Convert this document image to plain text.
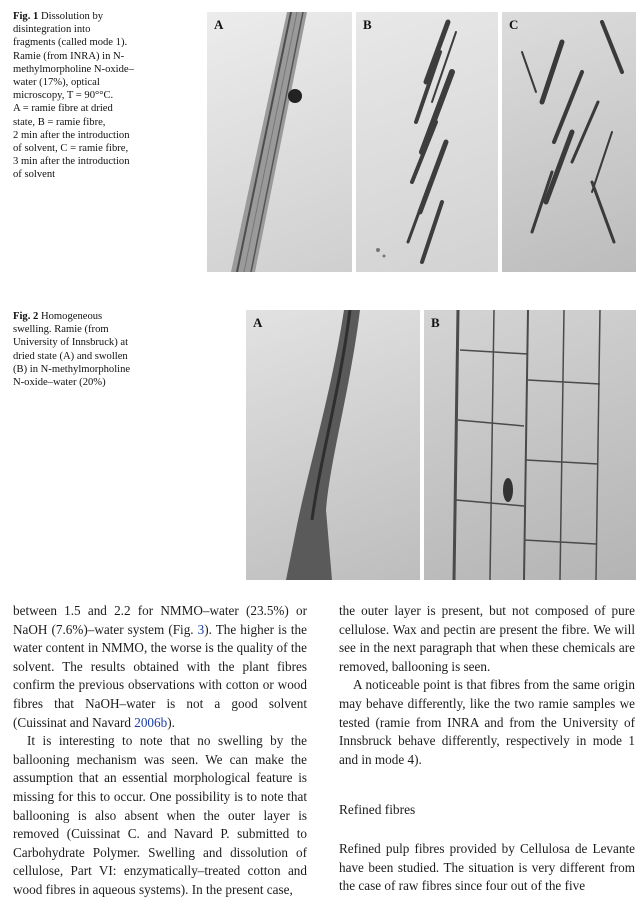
Fig. 1 Dissolution by
disintegration into
fragments (called mode 1).
Ramie (from INRA) in N-
methylmorpholine N-oxide–
water (17%), optical
microscopy, T = 90°°C.
A = ramie fibre at dried
state, B = ramie fibre,
2 min after the introduction
of solvent, C = ramie fibre,
3 min after the introduction
of solvent
A	B	C
Fig. 2 Homogeneous
swelling. Ramie (from
University of Innsbruck) at
dried state (A) and swollen
(B) in N-methylmorpholine
N-oxide–water (20%)
A	B

between 1.5 and 2.2 for NMMO–water (23.5%) or NaOH (7.6%)–water system (Fig. 3). The higher is the water content in NMMO, the worse is the quality of the solvent. The results obtained with the plant fibres confirm the previous observations with cotton or wood fibres that NaOH–water is not a good solvent (Cuissinat and Navard 2006b).

It is interesting to note that no swelling by the ballooning mechanism was seen. We can make the assumption that an essential morphological feature is missing for this to occur. One possibility is to note that ballooning is also absent when the outer layer is removed (Cuissinat C. and Navard P. submitted to Carbohydrate Polymer. Swelling and dissolution of cellulose, Part VI: enzymatically–treated cotton and wood fibres in aqueous systems). In the present case,

the outer layer is present, but not composed of pure cellulose. Wax and pectin are present the fibre. We will see in the next paragraph that when these chemicals are removed, ballooning is seen.

A noticeable point is that fibres from the same origin may behave differently, like the two ramie samples we tested (ramie from INRA and from the University of Innsbruck behave differently, respectively in mode 1 and in mode 4).

Refined fibres

Refined pulp fibres provided by Cellulosa de Levante have been studied. The situation is very different from the case of raw fibres since four out of the five
